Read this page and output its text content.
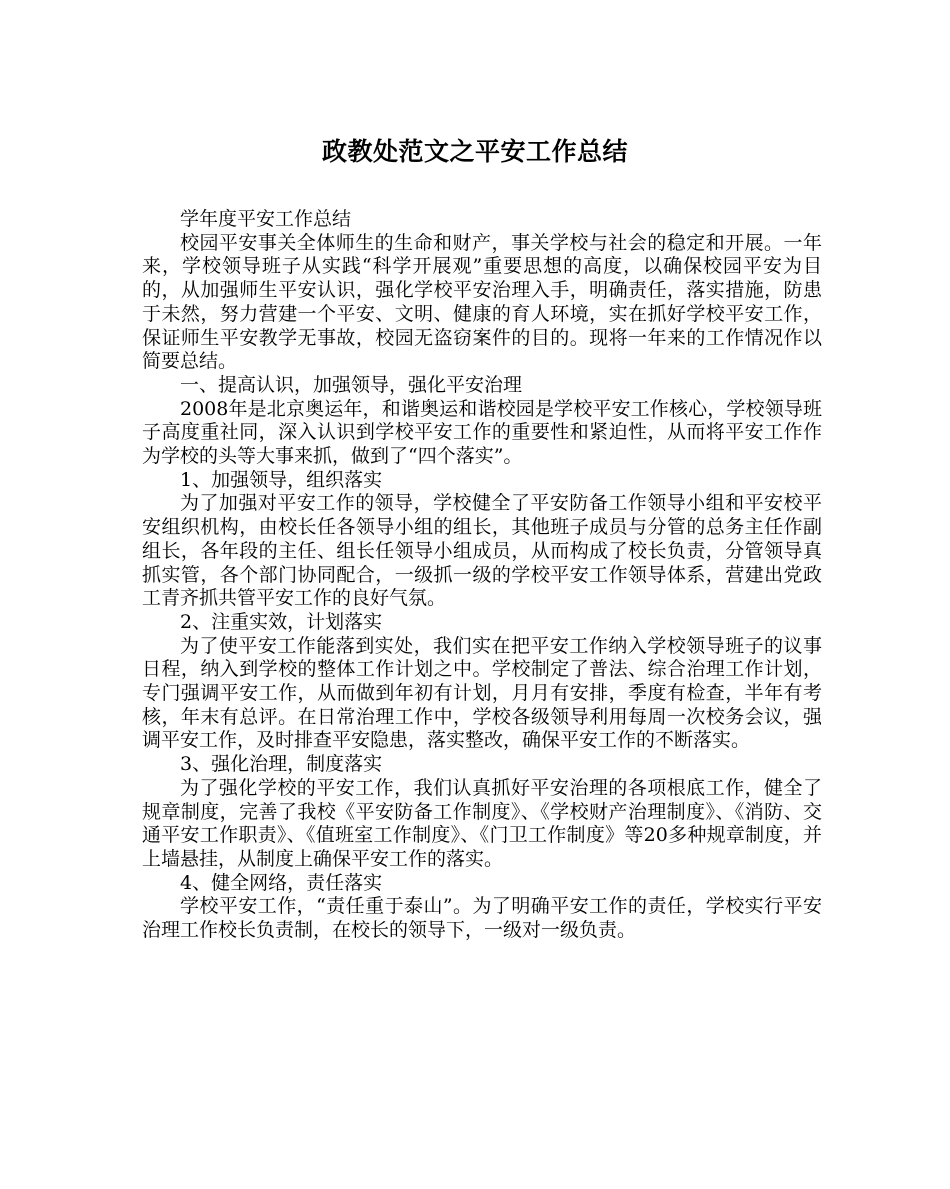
政教处范文之平安工作总结

学年度平安工作总结

校园平安事关全体师生的生命和财产，事关学校与社会的稳定和开展。一年来，学校领导班子从实践“科学开展观”重要思想的高度，以确保校园平安为目的，从加强师生平安认识，强化学校平安治理入手，明确责任，落实措施，防患于未然，努力营建一个平安、文明、健康的育人环境，实在抓好学校平安工作，保证师生平安教学无事故，校园无盗窃案件的目的。现将一年来的工作情况作以简要总结。

一、提高认识，加强领导，强化平安治理

2008年是北京奥运年，和谐奥运和谐校园是学校平安工作核心，学校领导班子高度重社同，深入认识到学校平安工作的重要性和紧迫性，从而将平安工作作为学校的头等大事来抓，做到了“四个落实”。

1、加强领导，组织落实

为了加强对平安工作的领导，学校健全了平安防备工作领导小组和平安校平安组织机构，由校长任各领导小组的组长，其他班子成员与分管的总务主任作副组长，各年段的主任、组长任领导小组成员，从而构成了校长负责，分管领导真抓实管，各个部门协同配合，一级抓一级的学校平安工作领导体系，营建出党政工青齐抓共管平安工作的良好气氛。

2、注重实效，计划落实

为了使平安工作能落到实处，我们实在把平安工作纳入学校领导班子的议事日程，纳入到学校的整体工作计划之中。学校制定了普法、综合治理工作计划，专门强调平安工作，从而做到年初有计划，月月有安排，季度有检查，半年有考核，年末有总评。在日常治理工作中，学校各级领导利用每周一次校务会议，强调平安工作，及时排查平安隐患，落实整改，确保平安工作的不断落实。

3、强化治理，制度落实

为了强化学校的平安工作，我们认真抓好平安治理的各项根底工作，健全了规章制度，完善了我校《平安防备工作制度》、《学校财产治理制度》、《消防、交通平安工作职责》、《值班室工作制度》、《门卫工作制度》等20多种规章制度，并上墙悬挂，从制度上确保平安工作的落实。

4、健全网络，责任落实

学校平安工作，“责任重于泰山”。为了明确平安工作的责任，学校实行平安治理工作校长负责制，在校长的领导下，一级对一级负责。
